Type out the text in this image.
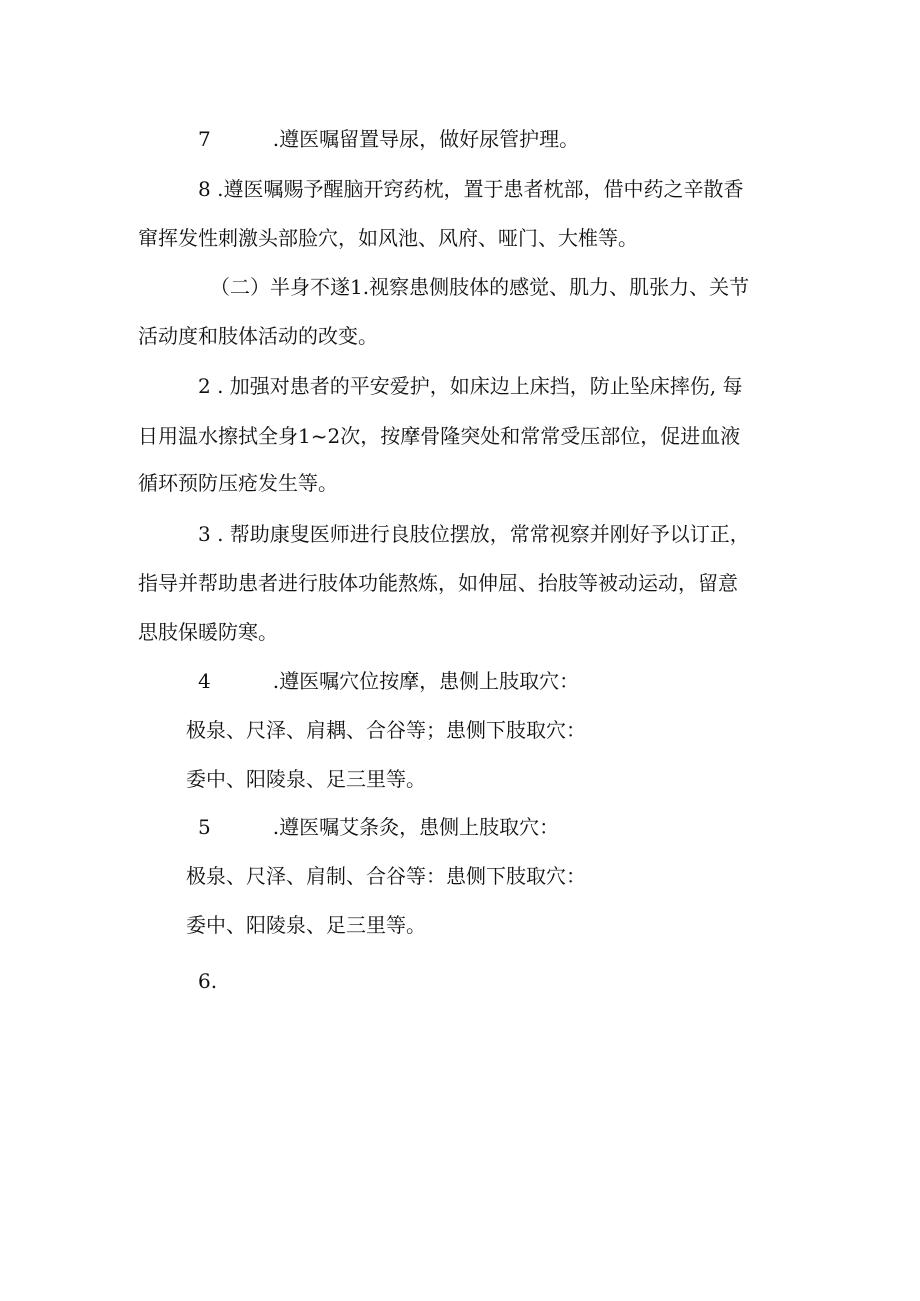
7	.遵医嘱留置导尿，做好尿管护理。

8 .遵医嘱赐予醒脑开窍药枕，置于患者枕部，借中药之辛散香

窜挥发性刺激头部脸穴，如风池、风府、哑门、大椎等。

（二）半身不遂1.视察患侧肢体的感觉、肌力、肌张力、关节

活动度和肢体活动的改变。

2 . 加强对患者的平安爱护，如床边上床挡，防止坠床摔伤, 每

日用温水擦拭全身1~2次，按摩骨隆突处和常常受压部位，促进血液

循环预防压疮发生等。

3 . 帮助康叟医师进行良肢位摆放，常常视察并刚好予以订正，

指导并帮助患者进行肢体功能熬炼，如伸屈、抬肢等被动运动，留意

思肢保暖防寒。

4	.遵医嘱穴位按摩，患侧上肢取穴：

极泉、尺泽、肩耦、合谷等；患侧下肢取穴：

委中、阳陵泉、足三里等。

5	.遵医嘱艾条灸，患侧上肢取穴：

极泉、尺泽、肩制、合谷等：患侧下肢取穴：

委中、阳陵泉、足三里等。

6.
